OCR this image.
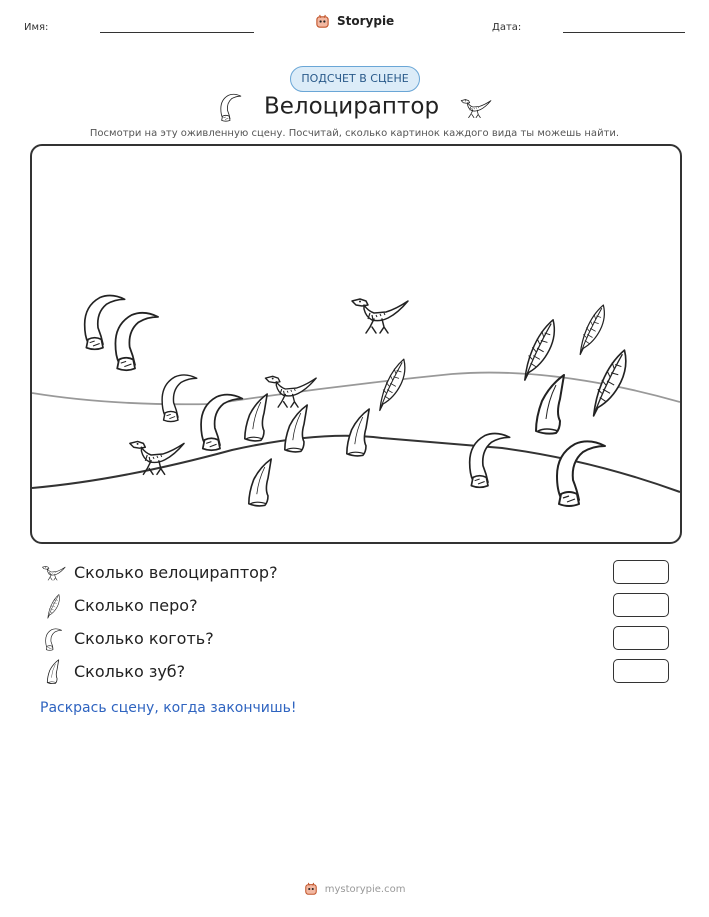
Имя:	Storypie	Дата:
ПОДСЧЕТ В СЦЕНЕ
Велоцираптор
Посмотри на эту оживленную сцену. Посчитай, сколько картинок каждого вида ты можешь найти.
Сколько велоцираптор?
Сколько перо?
Сколько коготь?
Сколько зуб?
Раскрась сцену, когда закончишь!
mystorypie.com
